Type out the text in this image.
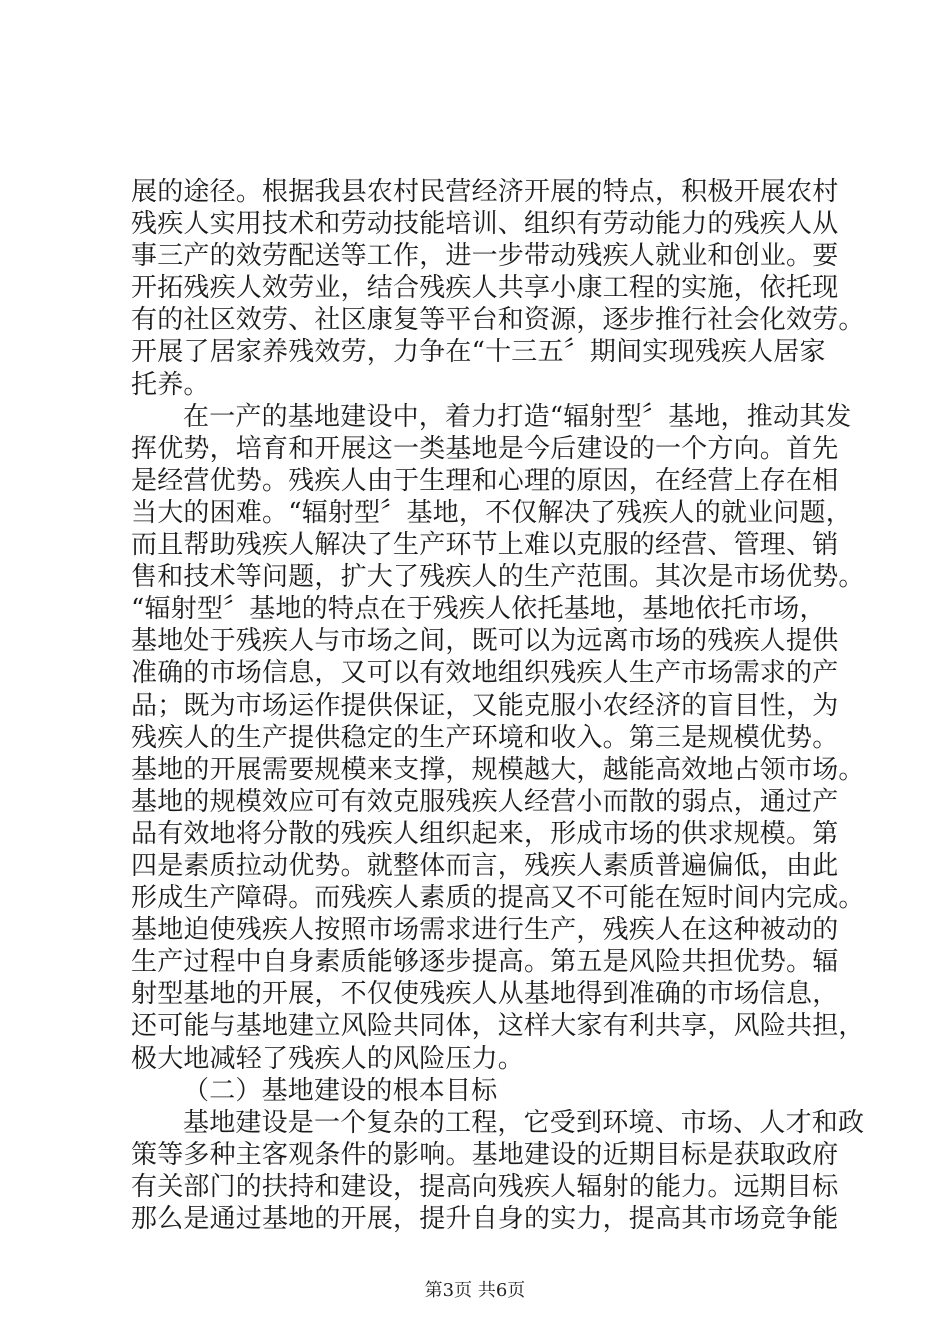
展的途径。根据我县农村民营经济开展的特点，积极开展农村
残疾人实用技术和劳动技能培训、组织有劳动能力的残疾人从
事三产的效劳配送等工作，进一步带动残疾人就业和创业。要
开拓残疾人效劳业，结合残疾人共享小康工程的实施，依托现
有的社区效劳、社区康复等平台和资源，逐步推行社会化效劳。
开展了居家养残效劳，力争在“十三五〞期间实现残疾人居家
托养。
在一产的基地建设中，着力打造“辐射型〞基地，推动其发
挥优势，培育和开展这一类基地是今后建设的一个方向。首先
是经营优势。残疾人由于生理和心理的原因，在经营上存在相
当大的困难。“辐射型〞基地，不仅解决了残疾人的就业问题，
而且帮助残疾人解决了生产环节上难以克服的经营、管理、销
售和技术等问题，扩大了残疾人的生产范围。其次是市场优势。
“辐射型〞基地的特点在于残疾人依托基地，基地依托市场，
基地处于残疾人与市场之间，既可以为远离市场的残疾人提供
准确的市场信息，又可以有效地组织残疾人生产市场需求的产
品；既为市场运作提供保证，又能克服小农经济的盲目性，为
残疾人的生产提供稳定的生产环境和收入。第三是规模优势。
基地的开展需要规模来支撑，规模越大，越能高效地占领市场。
基地的规模效应可有效克服残疾人经营小而散的弱点，通过产
品有效地将分散的残疾人组织起来，形成市场的供求规模。第
四是素质拉动优势。就整体而言，残疾人素质普遍偏低，由此
形成生产障碍。而残疾人素质的提高又不可能在短时间内完成。
基地迫使残疾人按照市场需求进行生产，残疾人在这种被动的
生产过程中自身素质能够逐步提高。第五是风险共担优势。辐
射型基地的开展，不仅使残疾人从基地得到准确的市场信息，
还可能与基地建立风险共同体，这样大家有利共享，风险共担，
极大地减轻了残疾人的风险压力。
（二）基地建设的根本目标
基地建设是一个复杂的工程，它受到环境、市场、人才和政
策等多种主客观条件的影响。基地建设的近期目标是获取政府
有关部门的扶持和建设，提高向残疾人辐射的能力。远期目标
那么是通过基地的开展，提升自身的实力，提高其市场竞争能
第3页 共6页
